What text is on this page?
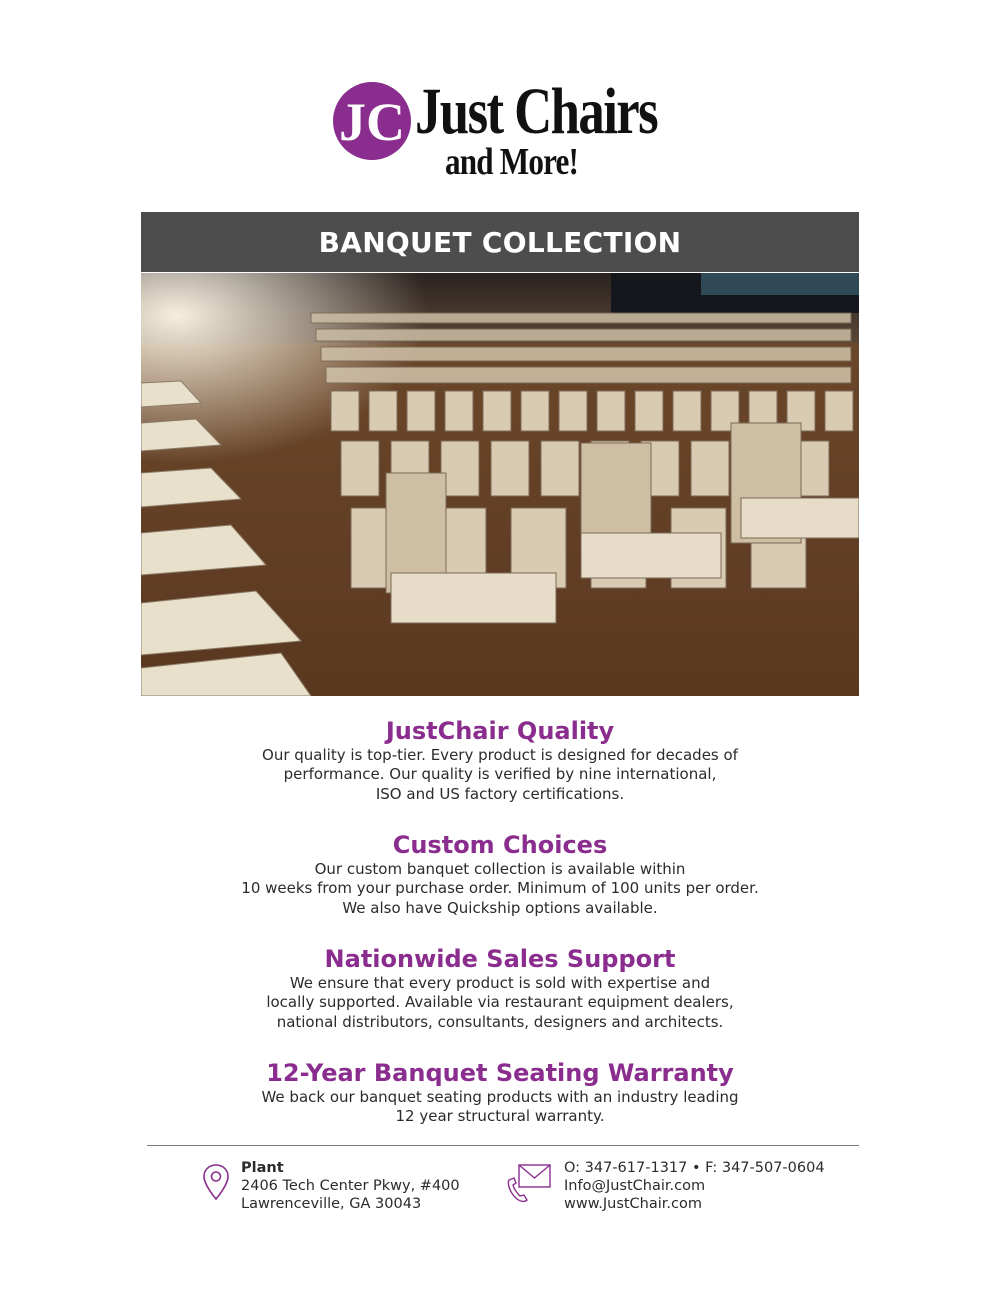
JC Just Chairs
and More!
BANQUET COLLECTION
JustChair Quality

Our quality is top-tier. Every product is designed for decades of

performance. Our quality is verified by nine international,

ISO and US factory certifications.

Custom Choices

Our custom banquet collection is available within

10 weeks from your purchase order. Minimum of 100 units per order.

We also have Quickship options available.

Nationwide Sales Support

We ensure that every product is sold with expertise and

locally supported. Available via restaurant equipment dealers,

national distributors, consultants, designers and architects.

12-Year Banquet Seating Warranty

We back our banquet seating products with an industry leading

12 year structural warranty.

Plant
2406 Tech Center Pkwy, #400
Lawrenceville, GA 30043
O: 347-617-1317 • F: 347-507-0604
Info@JustChair.com
www.JustChair.com
